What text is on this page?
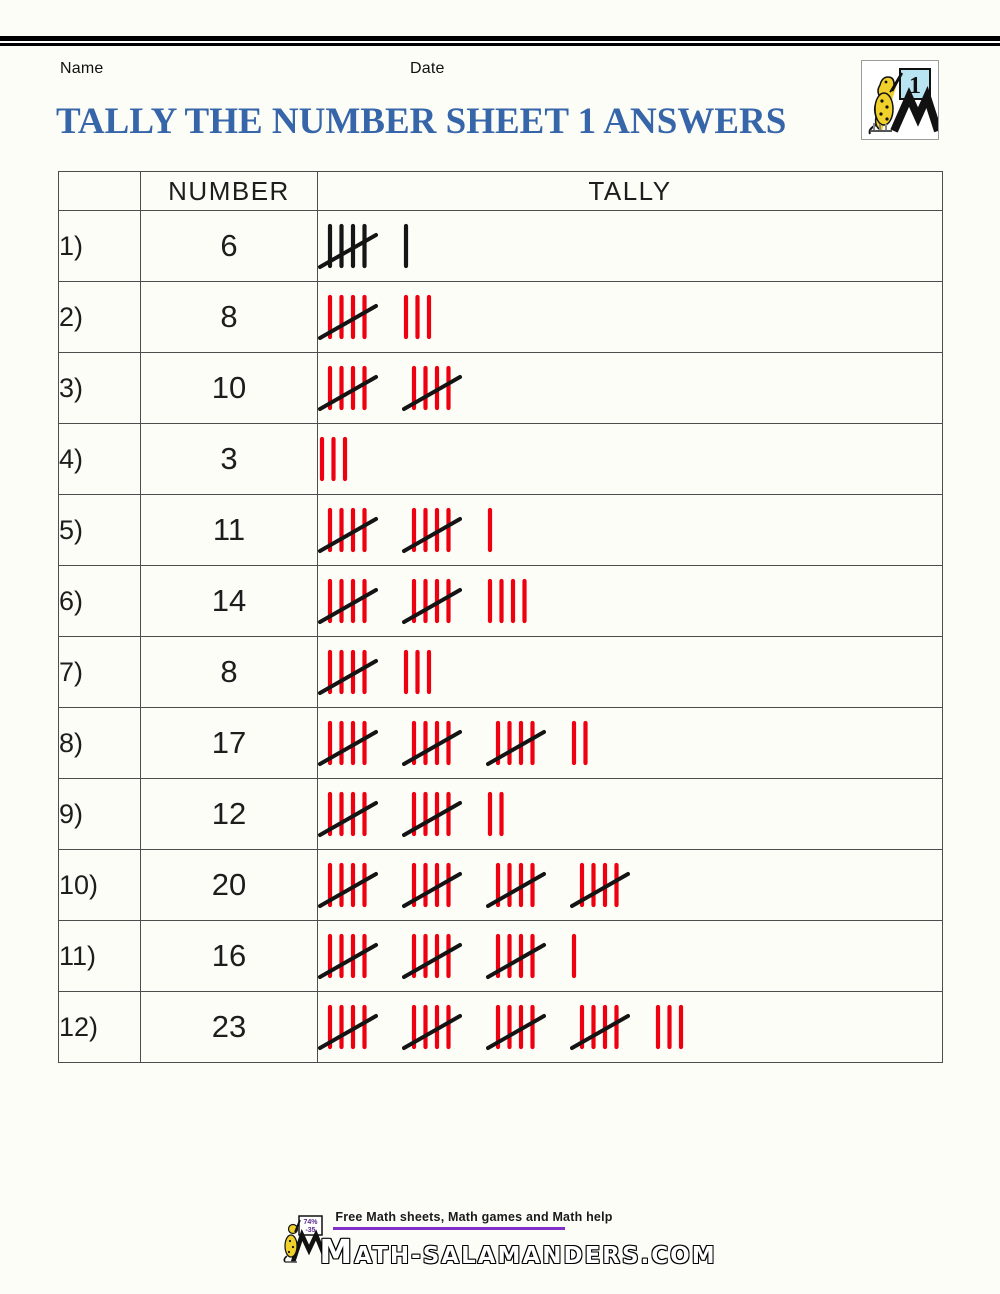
Name	Date
1
TALLY THE NUMBER SHEET 1 ANSWERS
	NUMBER	TALLY
1)	6	

2)	8	

3)	10	

4)	3	

5)	11	

6)	14	

7)	8	

8)	17	

9)	12	

10)	20	

11)	16	

12)	23	
74%
-35
Free Math sheets, Math games and Math help
MATH-SALAMANDERS.COM
